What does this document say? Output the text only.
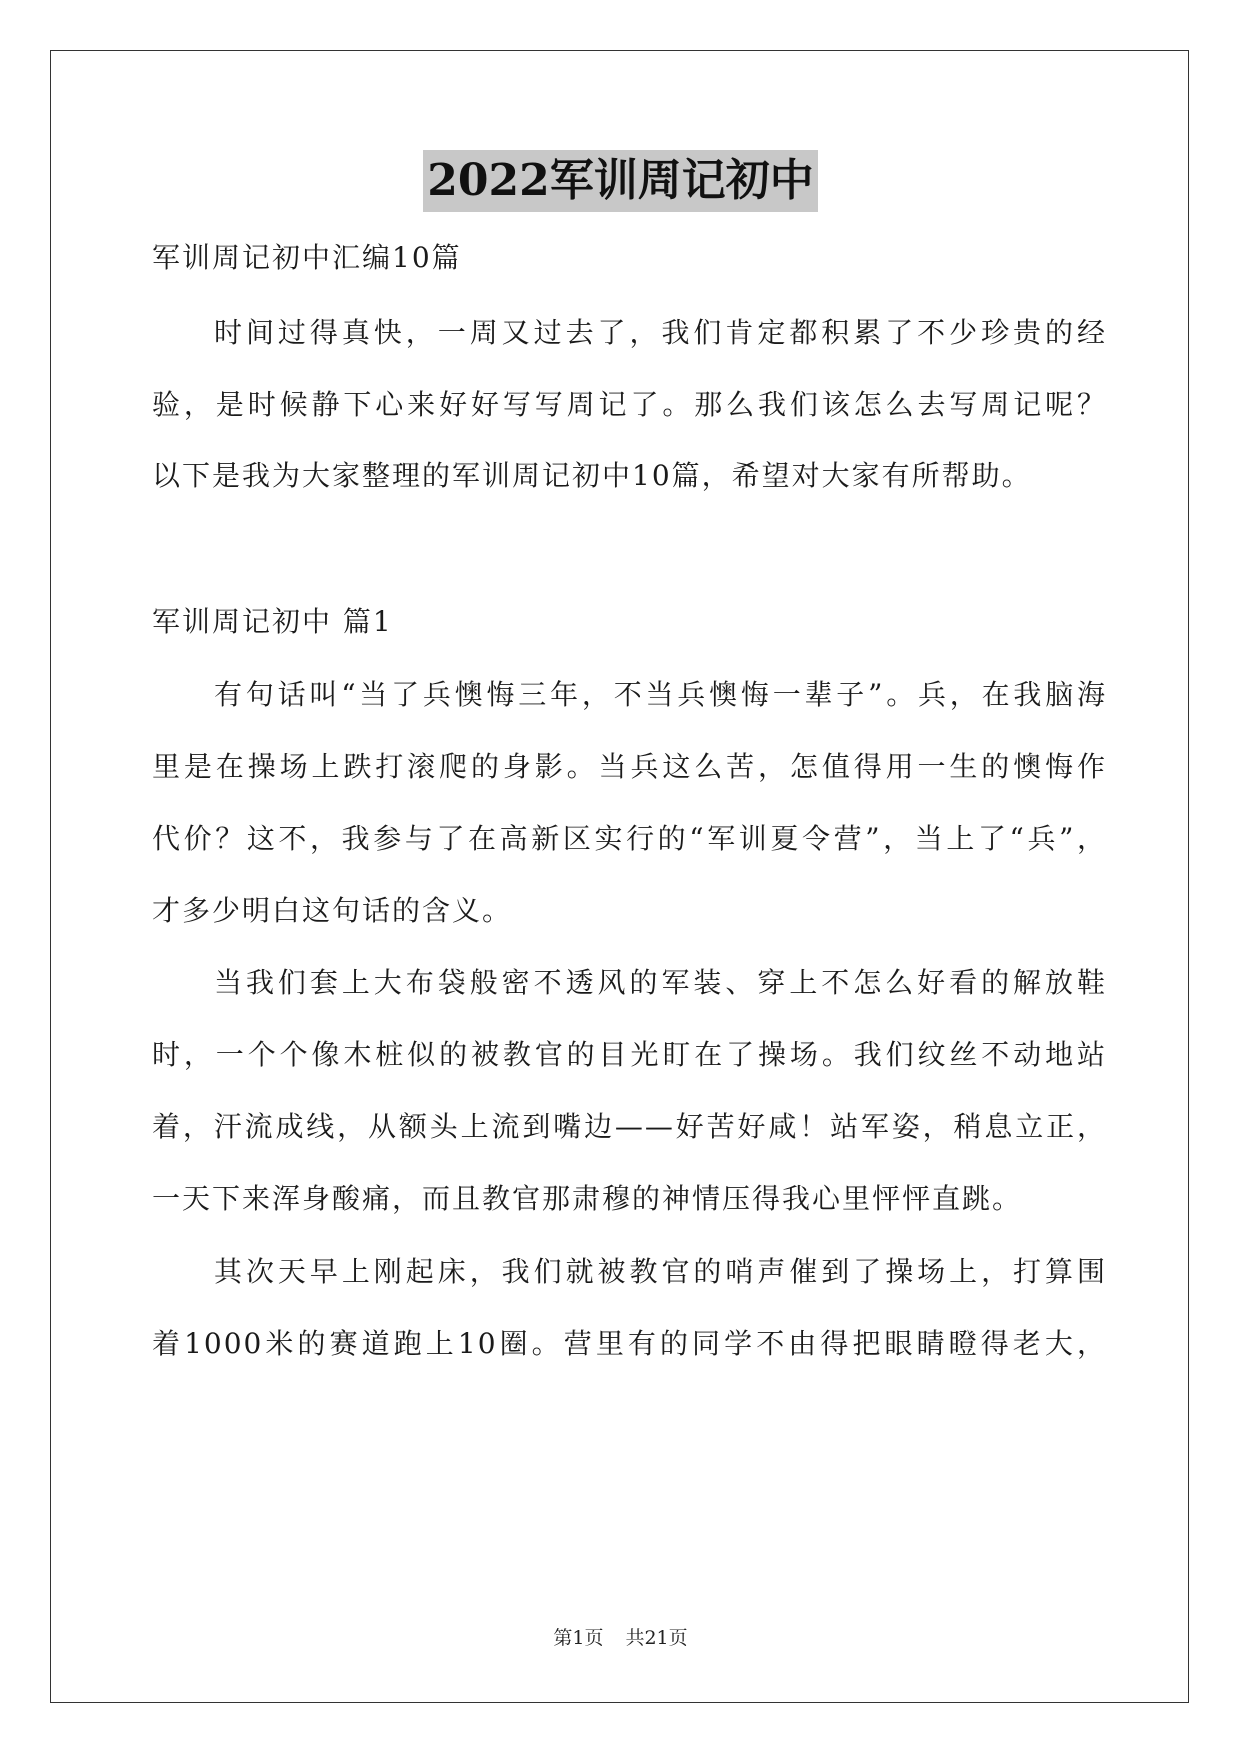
2022军训周记初中
军训周记初中汇编10篇
时间过得真快，一周又过去了，我们肯定都积累了不少珍贵的经
验，是时候静下心来好好写写周记了。那么我们该怎么去写周记呢？
以下是我为大家整理的军训周记初中10篇，希望对大家有所帮助。
军训周记初中 篇1
有句话叫“当了兵懊悔三年，不当兵懊悔一辈子”。兵，在我脑海
里是在操场上跌打滚爬的身影。当兵这么苦，怎值得用一生的懊悔作
代价？这不，我参与了在高新区实行的“军训夏令营”，当上了“兵”，
才多少明白这句话的含义。
当我们套上大布袋般密不透风的军装、穿上不怎么好看的解放鞋
时，一个个像木桩似的被教官的目光盯在了操场。我们纹丝不动地站
着，汗流成线，从额头上流到嘴边——好苦好咸！站军姿，稍息立正，
一天下来浑身酸痛，而且教官那肃穆的神情压得我心里怦怦直跳。
其次天早上刚起床，我们就被教官的哨声催到了操场上，打算围
着1000米的赛道跑上10圈。营里有的同学不由得把眼睛瞪得老大，
第1页 共21页
